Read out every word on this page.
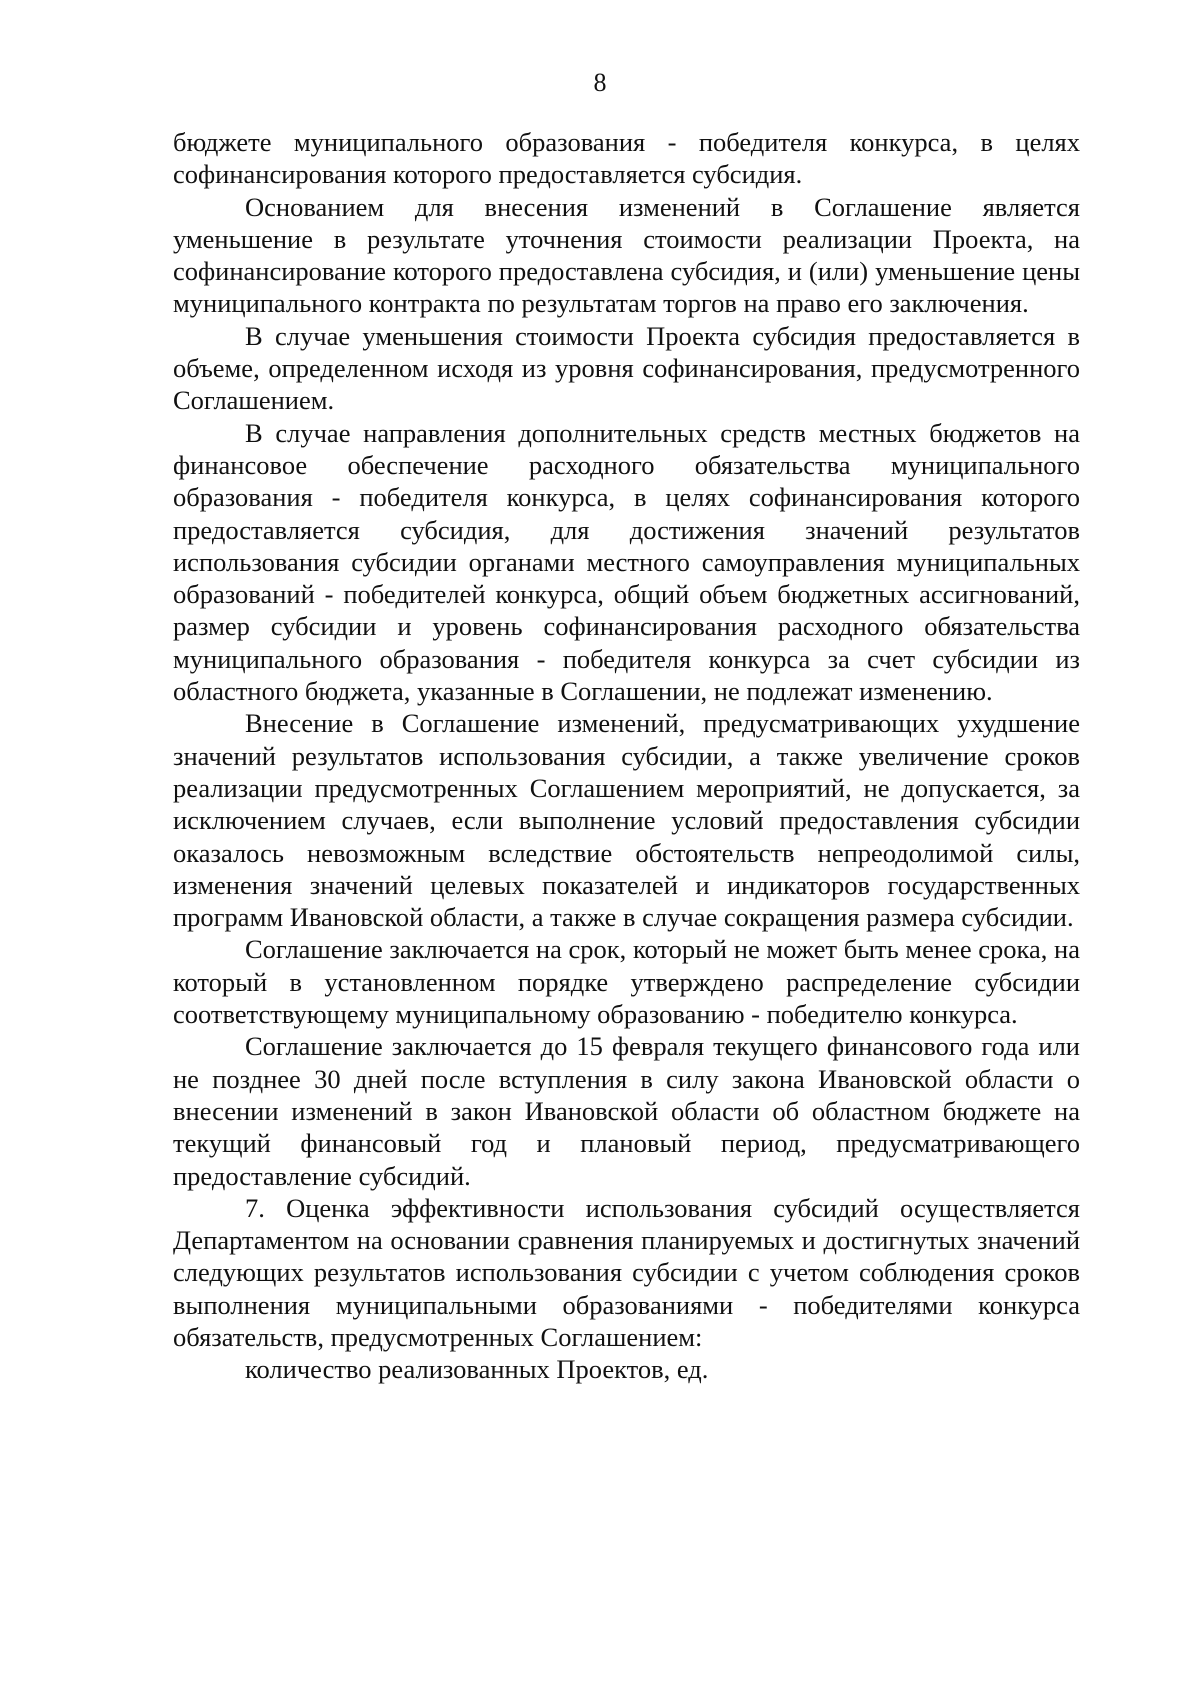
8

бюджете муниципального образования - победителя конкурса, в целях софинансирования которого предоставляется субсидия.

Основанием для внесения изменений в Соглашение является уменьшение в результате уточнения стоимости реализации Проекта, на софинансирование которого предоставлена субсидия, и (или) уменьшение цены муниципального контракта по результатам торгов на право его заключения.

В случае уменьшения стоимости Проекта субсидия предоставляется в объеме, определенном исходя из уровня софинансирования, предусмотренного Соглашением.

В случае направления дополнительных средств местных бюджетов на финансовое обеспечение расходного обязательства муниципального образования - победителя конкурса, в целях софинансирования которого предоставляется субсидия, для достижения значений результатов использования субсидии органами местного самоуправления муниципальных образований - победителей конкурса, общий объем бюджетных ассигнований, размер субсидии и уровень софинансирования расходного обязательства муниципального образования - победителя конкурса за счет субсидии из областного бюджета, указанные в Соглашении, не подлежат изменению.

Внесение в Соглашение изменений, предусматривающих ухудшение значений результатов использования субсидии, а также увеличение сроков реализации предусмотренных Соглашением мероприятий, не допускается, за исключением случаев, если выполнение условий предоставления субсидии оказалось невозможным вследствие обстоятельств непреодолимой силы, изменения значений целевых показателей и индикаторов государственных программ Ивановской области, а также в случае сокращения размера субсидии.

Соглашение заключается на срок, который не может быть менее срока, на который в установленном порядке утверждено распределение субсидии соответствующему муниципальному образованию - победителю конкурса.

Соглашение заключается до 15 февраля текущего финансового года или не позднее 30 дней после вступления в силу закона Ивановской области о внесении изменений в закон Ивановской области об областном бюджете на текущий финансовый год и плановый период, предусматривающего предоставление субсидий.

7. Оценка эффективности использования субсидий осуществляется Департаментом на основании сравнения планируемых и достигнутых значений следующих результатов использования субсидии с учетом соблюдения сроков выполнения муниципальными образованиями - победителями конкурса обязательств, предусмотренных Соглашением:

количество реализованных Проектов, ед.
